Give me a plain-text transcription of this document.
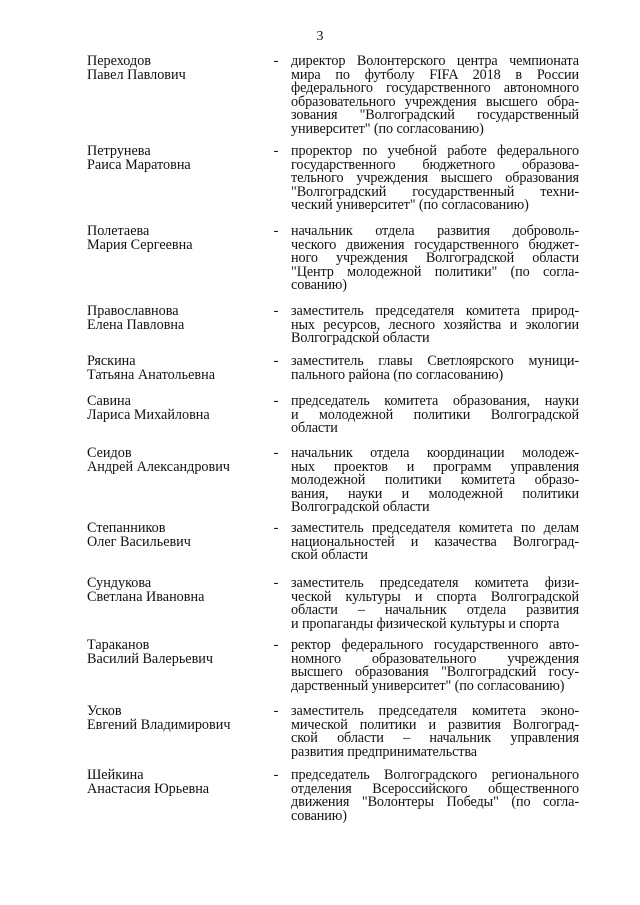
3
Переходов
Павел Павлович
- директор Волонтерского центра чемпионата
мира по футболу FIFA 2018 в России
федерального государственного автономного
образовательного учреждения высшего обра-
зования "Волгоградский государственный
университет" (по согласованию)
Петрунева
Раиса Маратовна
- проректор по учебной работе федерального
государственного бюджетного образова-
тельного учреждения высшего образования
"Волгоградский государственный техни-
ческий университет" (по согласованию)
Полетаева
Мария Сергеевна
- начальник отдела развития доброволь-
ческого движения государственного бюджет-
ного учреждения Волгоградской области
"Центр молодежной политики" (по согла-
сованию)
Православнова
Елена Павловна
- заместитель председателя комитета природ-
ных ресурсов, лесного хозяйства и экологии
Волгоградской области
Ряскина
Татьяна Анатольевна
- заместитель главы Светлоярского муници-
пального района (по согласованию)
Савина
Лариса Михайловна
- председатель комитета образования, науки
и молодежной политики Волгоградской
области
Сеидов
Андрей Александрович
- начальник отдела координации молодеж-
ных проектов и программ управления
молодежной политики комитета образо-
вания, науки и молодежной политики
Волгоградской области
Степанников
Олег Васильевич
- заместитель председателя комитета по делам
национальностей и казачества Волгоград-
ской области
Сундукова
Светлана Ивановна
- заместитель председателя комитета физи-
ческой культуры и спорта Волгоградской
области – начальник отдела развития
и пропаганды физической культуры и спорта
Тараканов
Василий Валерьевич
- ректор федерального государственного авто-
номного образовательного учреждения
высшего образования "Волгоградский госу-
дарственный университет" (по согласованию)
Усков
Евгений Владимирович
- заместитель председателя комитета эконо-
мической политики и развития Волгоград-
ской области – начальник управления
развития предпринимательства
Шейкина
Анастасия Юрьевна
- председатель Волгоградского регионального
отделения Всероссийского общественного
движения "Волонтеры Победы" (по согла-
сованию)
